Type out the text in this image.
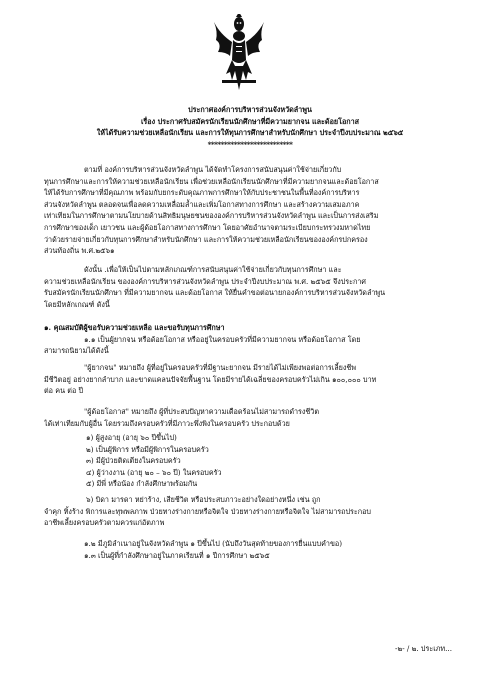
ประกาศองค์การบริหารส่วนจังหวัดลำพูน
เรื่อง ประกาศรับสมัครนักเรียนนักศึกษาที่มีความยากจน และด้อยโอกาส
ให้ได้รับความช่วยเหลือนักเรียน และการให้ทุนการศึกษาสำหรับนักศึกษา ประจำปีงบประมาณ ๒๕๖๕
**************************
ตามที่ องค์การบริหารส่วนจังหวัดลำพูน ได้จัดทำโครงการสนับสนุนค่าใช้จ่ายเกี่ยวกับ
ทุนการศึกษาและการให้ความช่วยเหลือนักเรียน เพื่อช่วยเหลือนักเรียนนักศึกษาที่มีความยากจนและด้อยโอกาส
ให้ได้รับการศึกษาที่มีคุณภาพ พร้อมกับยกระดับคุณภาพการศึกษาให้กับประชาชนในพื้นที่องค์การบริหาร
ส่วนจังหวัดลำพูน ตลอดจนเพื่อลดความเหลื่อมล้ำและเพิ่มโอกาสทางการศึกษา และสร้างความเสมอภาค
เท่าเทียมในการศึกษาตามนโยบายด้านสิทธิมนุษยชนขององค์การบริหารส่วนจังหวัดลำพูน และเป็นการส่งเสริม
การศึกษาของเด็ก เยาวชน และผู้ด้อยโอกาสทางการศึกษา โดยอาศัยอำนาจตามระเบียบกระทรวงมหาดไทย
ว่าด้วยรายจ่ายเกี่ยวกับทุนการศึกษาสำหรับนักศึกษา และการให้ความช่วยเหลือนักเรียนขององค์กรปกครอง
ส่วนท้องถิ่น พ.ศ.๒๕๖๑
ดังนั้น .เพื่อให้เป็นไปตามหลักเกณฑ์การสนับสนุนค่าใช้จ่ายเกี่ยวกับทุนการศึกษา และ
ความช่วยเหลือนักเรียน ขององค์การบริหารส่วนจังหวัดลำพูน ประจำปีงบประมาณ พ.ศ. ๒๕๖๕ จึงประกาศ
รับสมัครนักเรียนนักศึกษา ที่มีความยากจน และด้อยโอกาส ให้ยื่นคำขอต่อนายกองค์การบริหารส่วนจังหวัดลำพูน
โดยมีหลักเกณฑ์ ดังนี้
๑. คุณสมบัติผู้ขอรับความช่วยเหลือ และขอรับทุนการศึกษา
๑.๑ เป็นผู้ยากจน หรือด้อยโอกาส หรืออยู่ในครอบครัวที่มีความยากจน หรือด้อยโอกาส โดย
สามารถนิยามได้ดังนี้
"ผู้ยากจน" หมายถึง ผู้ที่อยู่ในครอบครัวที่มีฐานะยากจน มีรายได้ไม่เพียงพอต่อการเลี้ยงชีพ
มีชีวิตอยู่ อย่างยากลำบาก และขาดแคลนปัจจัยพื้นฐาน โดยมีรายได้เฉลี่ยของครอบครัวไม่เกิน ๑๐๐,๐๐๐ บาท
ต่อ คน ต่อ ปี
"ผู้ด้อยโอกาส" หมายถึง ผู้ที่ประสบปัญหาความเดือดร้อนไม่สามารถดำรงชีวิต
ได้เท่าเทียมกับผู้อื่น โดยรวมถึงครอบครัวที่มีภาวะพึ่งพิงในครอบครัว ประกอบด้วย
๑) ผู้สูงอายุ (อายุ ๖๐ ปีขึ้นไป)
๒) เป็นผู้พิการ หรือมีผู้พิการในครอบครัว
๓) มีผู้ป่วยติดเตียงในครอบครัว
๔) ผู้ว่างงาน (อายุ ๒๐ – ๖๐ ปี) ในครอบครัว
๕) มีพี่ หรือน้อง กำลังศึกษาพร้อมกัน
๖) บิดา มารดา หย่าร้าง, เสียชีวิต หรือประสบภาวะอย่างใดอย่างหนึ่ง เช่น ถูก
จำคุก ทิ้งร้าง พิการและทุพพลภาพ ป่วยทางร่างกายหรือจิตใจ ป่วยทางร่างกายหรือจิตใจ ไม่สามารถประกอบ
อาชีพเลี้ยงครอบครัวตามควรแก่อัตภาพ
๑.๒ มีภูมิลำเนาอยู่ในจังหวัดลำพูน ๑ ปีขึ้นไป (นับถึงวันสุดท้ายของการยื่นแบบคำขอ)
๑.๓ เป็นผู้ที่กำลังศึกษาอยู่ในภาคเรียนที่ ๑ ปีการศึกษา ๒๕๖๕
-๒- / ๒. ประเภท...
